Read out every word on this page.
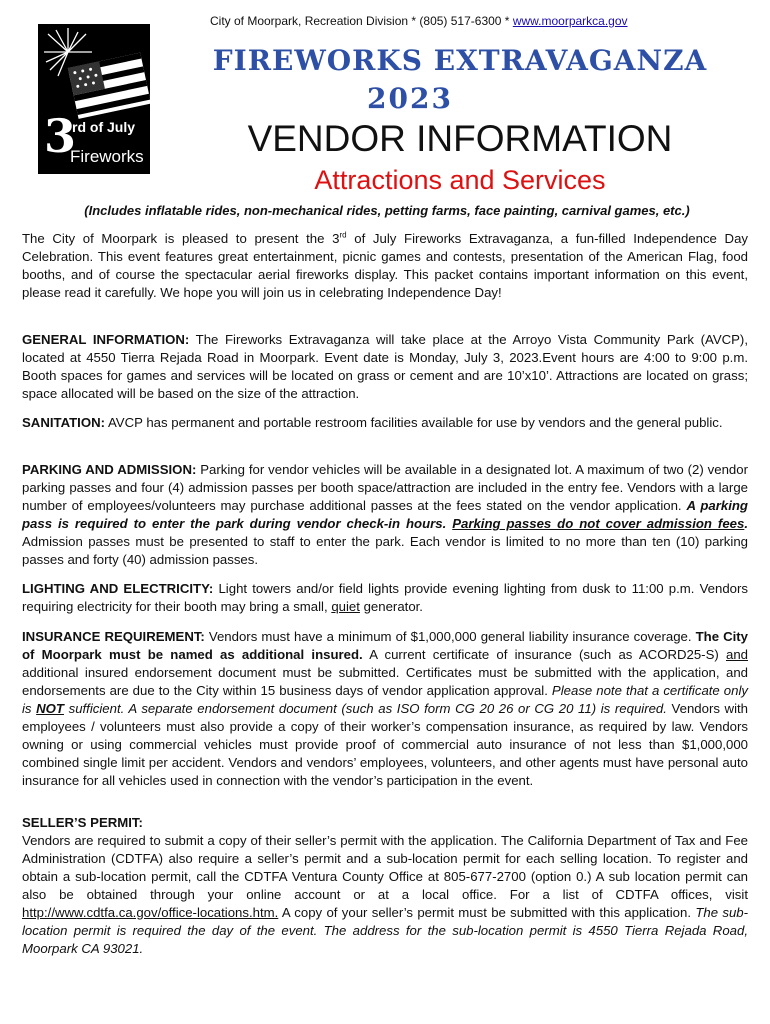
City of Moorpark, Recreation Division * (805) 517-6300 * www.moorparkca.gov
3
rd of July
Fireworks
FIREWORKS EXTRAVAGANZA
2023
VENDOR INFORMATION
Attractions and Services
(Includes inflatable rides, non-mechanical rides, petting farms, face painting, carnival games, etc.)
The City of Moorpark is pleased to present the 3rd of July Fireworks Extravaganza, a fun-filled Independence Day Celebration. This event features great entertainment, picnic games and contests, presentation of the American Flag, food booths, and of course the spectacular aerial fireworks display. This packet contains important information on this event, please read it carefully. We hope you will join us in celebrating Independence Day!
GENERAL INFORMATION: The Fireworks Extravaganza will take place at the Arroyo Vista Community Park (AVCP), located at 4550 Tierra Rejada Road in Moorpark. Event date is Monday, July 3, 2023.Event hours are 4:00 to 9:00 p.m. Booth spaces for games and services will be located on grass or cement and are 10’x10’. Attractions are located on grass; space allocated will be based on the size of the attraction.
SANITATION: AVCP has permanent and portable restroom facilities available for use by vendors and the general public.
PARKING AND ADMISSION: Parking for vendor vehicles will be available in a designated lot. A maximum of two (2) vendor parking passes and four (4) admission passes per booth space/attraction are included in the entry fee. Vendors with a large number of employees/volunteers may purchase additional passes at the fees stated on the vendor application. A parking pass is required to enter the park during vendor check-in hours. Parking passes do not cover admission fees. Admission passes must be presented to staff to enter the park. Each vendor is limited to no more than ten (10) parking passes and forty (40) admission passes.
LIGHTING AND ELECTRICITY: Light towers and/or field lights provide evening lighting from dusk to 11:00 p.m. Vendors requiring electricity for their booth may bring a small, quiet generator.
INSURANCE REQUIREMENT: Vendors must have a minimum of $1,000,000 general liability insurance coverage. The City of Moorpark must be named as additional insured. A current certificate of insurance (such as ACORD25-S) and additional insured endorsement document must be submitted. Certificates must be submitted with the application, and endorsements are due to the City within 15 business days of vendor application approval. Please note that a certificate only is NOT sufficient. A separate endorsement document (such as ISO form CG 20 26 or CG 20 11) is required. Vendors with employees / volunteers must also provide a copy of their worker’s compensation insurance, as required by law. Vendors owning or using commercial vehicles must provide proof of commercial auto insurance of not less than $1,000,000 combined single limit per accident. Vendors and vendors’ employees, volunteers, and other agents must have personal auto insurance for all vehicles used in connection with the vendor’s participation in the event.
SELLER’S PERMIT:
Vendors are required to submit a copy of their seller’s permit with the application. The California Department of Tax and Fee Administration (CDTFA) also require a seller’s permit and a sub-location permit for each selling location. To register and obtain a sub-location permit, call the CDTFA Ventura County Office at 805-677-2700 (option 0.) A sub location permit can also be obtained through your online account or at a local office. For a list of CDTFA offices, visit http://www.cdtfa.ca.gov/office-locations.htm. A copy of your seller’s permit must be submitted with this application. The sub-location permit is required the day of the event. The address for the sub-location permit is 4550 Tierra Rejada Road, Moorpark CA 93021.
